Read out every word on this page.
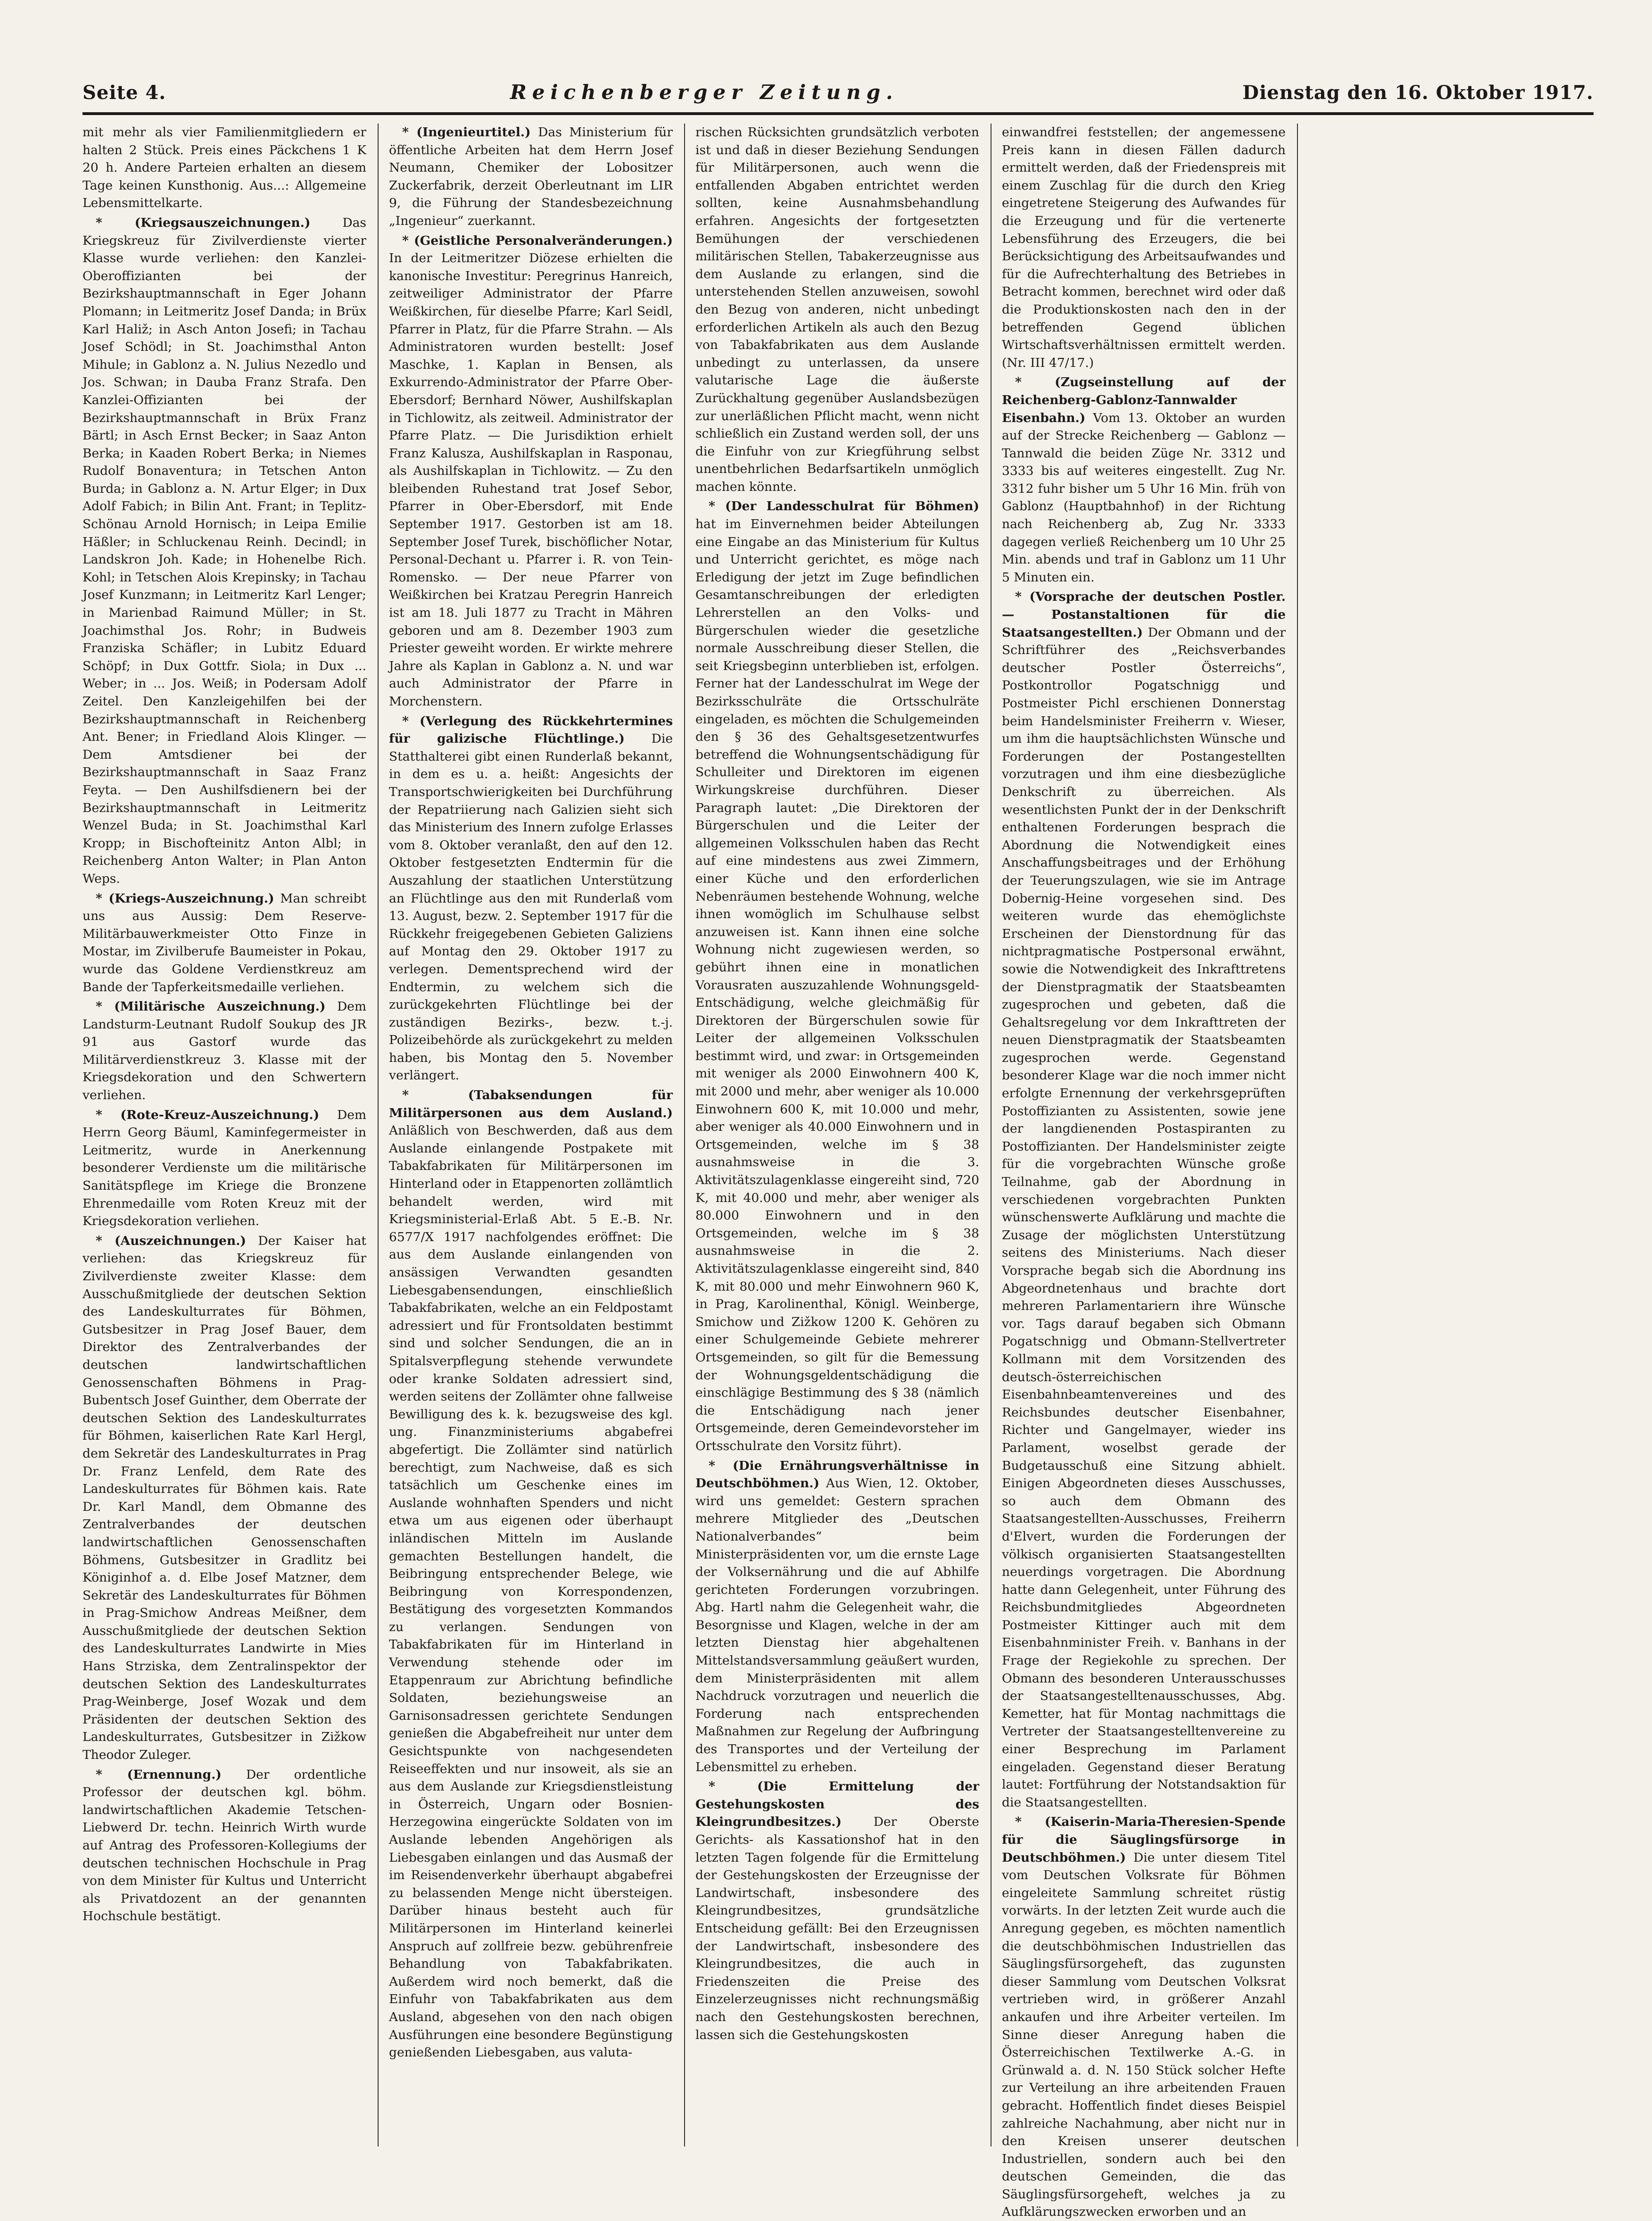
Seite 4.	Reichenberger Zeitung.	Dienstag den 16. Oktober 1917.

mit mehr als vier Familienmitgliedern er halten 2 Stück. Preis eines Päckchens 1 K 20 h. Andere Parteien erhalten an diesem Tage keinen Kunsthonig. Aus...: Allgemeine Lebensmittelkarte.

* (Kriegsauszeichnungen.) Das Kriegskreuz für Zivilverdienste vierter Klasse wurde verliehen: den Kanzlei-Oberoffizianten bei der Bezirkshauptmannschaft in Eger Johann Plomann; in Leitmeritz Josef Danda; in Brüx Karl Haliž; in Asch Anton Josefi; in Tachau Josef Schödl; in St. Joachimsthal Anton Mihule; in Gablonz a. N. Julius Nezedlo und Jos. Schwan; in Dauba Franz Strafa. Den Kanzlei-Offizianten bei der Bezirkshauptmannschaft in Brüx Franz Bärtl; in Asch Ernst Becker; in Saaz Anton Berka; in Kaaden Robert Berka; in Niemes Rudolf Bonaventura; in Tetschen Anton Burda; in Gablonz a. N. Artur Elger; in Dux Adolf Fabich; in Bilin Ant. Frant; in Teplitz-Schönau Arnold Hornisch; in Leipa Emilie Häßler; in Schluckenau Reinh. Decindl; in Landskron Joh. Kade; in Hohenelbe Rich. Kohl; in Tetschen Alois Krepinsky; in Tachau Josef Kunzmann; in Leitmeritz Karl Lenger; in Marienbad Raimund Müller; in St. Joachimsthal Jos. Rohr; in Budweis Franziska Schäfler; in Lubitz Eduard Schöpf; in Dux Gottfr. Siola; in Dux ... Weber; in ... Jos. Weiß; in Podersam Adolf Zeitel. Den Kanzleigehilfen bei der Bezirkshauptmannschaft in Reichenberg Ant. Bener; in Friedland Alois Klinger. — Dem Amtsdiener bei der Bezirkshauptmannschaft in Saaz Franz Feyta. — Den Aushilfsdienern bei der Bezirkshauptmannschaft in Leitmeritz Wenzel Buda; in St. Joachimsthal Karl Kropp; in Bischofteinitz Anton Albl; in Reichenberg Anton Walter; in Plan Anton Weps.

* (Kriegs-Auszeichnung.) Man schreibt uns aus Aussig: Dem Reserve-Militärbauwerkmeister Otto Finze in Mostar, im Zivilberufe Baumeister in Pokau, wurde das Goldene Verdienstkreuz am Bande der Tapferkeitsmedaille verliehen.

* (Militärische Auszeichnung.) Dem Landsturm-Leutnant Rudolf Soukup des JR 91 aus Gastorf wurde das Militärverdienstkreuz 3. Klasse mit der Kriegsdekoration und den Schwertern verliehen.

* (Rote-Kreuz-Auszeichnung.) Dem Herrn Georg Bäuml, Kaminfegermeister in Leitmeritz, wurde in Anerkennung besonderer Verdienste um die militärische Sanitätspflege im Kriege die Bronzene Ehrenmedaille vom Roten Kreuz mit der Kriegsdekoration verliehen.

* (Auszeichnungen.) Der Kaiser hat verliehen: das Kriegskreuz für Zivilverdienste zweiter Klasse: dem Ausschußmitgliede der deutschen Sektion des Landeskulturrates für Böhmen, Gutsbesitzer in Prag Josef Bauer, dem Direktor des Zentralverbandes der deutschen landwirtschaftlichen Genossenschaften Böhmens in Prag-Bubentsch Josef Guinther, dem Oberrate der deutschen Sektion des Landeskulturrates für Böhmen, kaiserlichen Rate Karl Hergl, dem Sekretär des Landeskulturrates in Prag Dr. Franz Lenfeld, dem Rate des Landeskulturrates für Böhmen kais. Rate Dr. Karl Mandl, dem Obmanne des Zentralverbandes der deutschen landwirtschaftlichen Genossenschaften Böhmens, Gutsbesitzer in Gradlitz bei Königinhof a. d. Elbe Josef Matzner, dem Sekretär des Landeskulturrates für Böhmen in Prag-Smichow Andreas Meißner, dem Ausschußmitgliede der deutschen Sektion des Landeskulturrates Landwirte in Mies Hans Strziska, dem Zentralinspektor der deutschen Sektion des Landeskulturrates Prag-Weinberge, Josef Wozak und dem Präsidenten der deutschen Sektion des Landeskulturrates, Gutsbesitzer in Zižkow Theodor Zuleger.

* (Ernennung.) Der ordentliche Professor der deutschen kgl. böhm. landwirtschaftlichen Akademie Tetschen-Liebwerd Dr. techn. Heinrich Wirth wurde auf Antrag des Professoren-Kollegiums der deutschen technischen Hochschule in Prag von dem Minister für Kultus und Unterricht als Privatdozent an der genannten Hochschule bestätigt.

* (Ingenieurtitel.) Das Ministerium für öffentliche Arbeiten hat dem Herrn Josef Neumann, Chemiker der Lobositzer Zuckerfabrik, derzeit Oberleutnant im LIR 9, die Führung der Standesbezeichnung „Ingenieur“ zuerkannt.

* (Geistliche Personalveränderungen.) In der Leitmeritzer Diözese erhielten die kanonische Investitur: Peregrinus Hanreich, zeitweiliger Administrator der Pfarre Weißkirchen, für dieselbe Pfarre; Karl Seidl, Pfarrer in Platz, für die Pfarre Strahn. — Als Administratoren wurden bestellt: Josef Maschke, 1. Kaplan in Bensen, als Exkurrendo-Administrator der Pfarre Ober-Ebersdorf; Bernhard Nöwer, Aushilfskaplan in Tichlowitz, als zeitweil. Administrator der Pfarre Platz. — Die Jurisdiktion erhielt Franz Kalusza, Aushilfskaplan in Rasponau, als Aushilfskaplan in Tichlowitz. — Zu den bleibenden Ruhestand trat Josef Sebor, Pfarrer in Ober-Ebersdorf, mit Ende September 1917. Gestorben ist am 18. September Josef Turek, bischöflicher Notar, Personal-Dechant u. Pfarrer i. R. von Tein-Romensko. — Der neue Pfarrer von Weißkirchen bei Kratzau Peregrin Hanreich ist am 18. Juli 1877 zu Tracht in Mähren geboren und am 8. Dezember 1903 zum Priester geweiht worden. Er wirkte mehrere Jahre als Kaplan in Gablonz a. N. und war auch Administrator der Pfarre in Morchenstern.

* (Verlegung des Rückkehrtermines für galizische Flüchtlinge.) Die Statthalterei gibt einen Runderlaß bekannt, in dem es u. a. heißt: Angesichts der Transportschwierigkeiten bei Durchführung der Repatriierung nach Galizien sieht sich das Ministerium des Innern zufolge Erlasses vom 8. Oktober veranlaßt, den auf den 12. Oktober festgesetzten Endtermin für die Auszahlung der staatlichen Unterstützung an Flüchtlinge aus den mit Runderlaß vom 13. August, bezw. 2. September 1917 für die Rückkehr freigegebenen Gebieten Galiziens auf Montag den 29. Oktober 1917 zu verlegen. Dementsprechend wird der Endtermin, zu welchem sich die zurückgekehrten Flüchtlinge bei der zuständigen Bezirks-, bezw. t.-j. Polizeibehörde als zurückgekehrt zu melden haben, bis Montag den 5. November verlängert.

* (Tabaksendungen für Militärpersonen aus dem Ausland.) Anläßlich von Beschwerden, daß aus dem Auslande einlangende Postpakete mit Tabakfabrikaten für Militärpersonen im Hinterland oder in Etappenorten zollämtlich behandelt werden, wird mit Kriegsministerial-Erlaß Abt. 5 E.-B. Nr. 6577/X 1917 nachfolgendes eröffnet: Die aus dem Auslande einlangenden von ansässigen Verwandten gesandten Liebesgabensendungen, einschließlich Tabakfabrikaten, welche an ein Feldpostamt adressiert und für Frontsoldaten bestimmt sind und solcher Sendungen, die an in Spitalsverpflegung stehende verwundete oder kranke Soldaten adressiert sind, werden seitens der Zollämter ohne fallweise Bewilligung des k. k. bezugsweise des kgl. ung. Finanzministeriums abgabefrei abgefertigt. Die Zollämter sind natürlich berechtigt, zum Nachweise, daß es sich tatsächlich um Geschenke eines im Auslande wohnhaften Spenders und nicht etwa um aus eigenen oder überhaupt inländischen Mitteln im Auslande gemachten Bestellungen handelt, die Beibringung entsprechender Belege, wie Beibringung von Korrespondenzen, Bestätigung des vorgesetzten Kommandos zu verlangen. Sendungen von Tabakfabrikaten für im Hinterland in Verwendung stehende oder im Etappenraum zur Abrichtung befindliche Soldaten, beziehungsweise an Garnisonsadressen gerichtete Sendungen genießen die Abgabefreiheit nur unter dem Gesichtspunkte von nachgesendeten Reiseeffekten und nur insoweit, als sie an aus dem Auslande zur Kriegsdienstleistung in Österreich, Ungarn oder Bosnien-Herzegowina eingerückte Soldaten von im Auslande lebenden Angehörigen als Liebesgaben einlangen und das Ausmaß der im Reisendenverkehr überhaupt abgabefrei zu belassenden Menge nicht übersteigen. Darüber hinaus besteht auch für Militärpersonen im Hinterland keinerlei Anspruch auf zollfreie bezw. gebührenfreie Behandlung von Tabakfabrikaten. Außerdem wird noch bemerkt, daß die Einfuhr von Tabakfabrikaten aus dem Ausland, abgesehen von den nach obigen Ausführungen eine besondere Begünstigung genießenden Liebesgaben, aus valuta-

rischen Rücksichten grundsätzlich verboten ist und daß in dieser Beziehung Sendungen für Militärpersonen, auch wenn die entfallenden Abgaben entrichtet werden sollten, keine Ausnahmsbehandlung erfahren. Angesichts der fortgesetzten Bemühungen der verschiedenen militärischen Stellen, Tabakerzeugnisse aus dem Auslande zu erlangen, sind die unterstehenden Stellen anzuweisen, sowohl den Bezug von anderen, nicht unbedingt erforderlichen Artikeln als auch den Bezug von Tabakfabrikaten aus dem Auslande unbedingt zu unterlassen, da unsere valutarische Lage die äußerste Zurückhaltung gegenüber Auslandsbezügen zur unerläßlichen Pflicht macht, wenn nicht schließlich ein Zustand werden soll, der uns die Einfuhr von zur Kriegführung selbst unentbehrlichen Bedarfsartikeln unmöglich machen könnte.

* (Der Landesschulrat für Böhmen) hat im Einvernehmen beider Abteilungen eine Eingabe an das Ministerium für Kultus und Unterricht gerichtet, es möge nach Erledigung der jetzt im Zuge befindlichen Gesamtanschreibungen der erledigten Lehrerstellen an den Volks- und Bürgerschulen wieder die gesetzliche normale Ausschreibung dieser Stellen, die seit Kriegsbeginn unterblieben ist, erfolgen. Ferner hat der Landesschulrat im Wege der Bezirksschulräte die Ortsschulräte eingeladen, es möchten die Schulgemeinden den § 36 des Gehaltsgesetzentwurfes betreffend die Wohnungsentschädigung für Schulleiter und Direktoren im eigenen Wirkungskreise durchführen. Dieser Paragraph lautet: „Die Direktoren der Bürgerschulen und die Leiter der allgemeinen Volksschulen haben das Recht auf eine mindestens aus zwei Zimmern, einer Küche und den erforderlichen Nebenräumen bestehende Wohnung, welche ihnen womöglich im Schulhause selbst anzuweisen ist. Kann ihnen eine solche Wohnung nicht zugewiesen werden, so gebührt ihnen eine in monatlichen Vorausraten auszuzahlende Wohnungsgeld-Entschädigung, welche gleichmäßig für Direktoren der Bürgerschulen sowie für Leiter der allgemeinen Volksschulen bestimmt wird, und zwar: in Ortsgemeinden mit weniger als 2000 Einwohnern 400 K, mit 2000 und mehr, aber weniger als 10.000 Einwohnern 600 K, mit 10.000 und mehr, aber weniger als 40.000 Einwohnern und in Ortsgemeinden, welche im § 38 ausnahmsweise in die 3. Aktivitätszulagenklasse eingereiht sind, 720 K, mit 40.000 und mehr, aber weniger als 80.000 Einwohnern und in den Ortsgemeinden, welche im § 38 ausnahmsweise in die 2. Aktivitätszulagenklasse eingereiht sind, 840 K, mit 80.000 und mehr Einwohnern 960 K, in Prag, Karolinenthal, Königl. Weinberge, Smichow und Zižkow 1200 K. Gehören zu einer Schulgemeinde Gebiete mehrerer Ortsgemeinden, so gilt für die Bemessung der Wohnungsgeldentschädigung die einschlägige Bestimmung des § 38 (nämlich die Entschädigung nach jener Ortsgemeinde, deren Gemeindevorsteher im Ortsschulrate den Vorsitz führt).

* (Die Ernährungsverhältnisse in Deutschböhmen.) Aus Wien, 12. Oktober, wird uns gemeldet: Gestern sprachen mehrere Mitglieder des „Deutschen Nationalverbandes“ beim Ministerpräsidenten vor, um die ernste Lage der Volksernährung und die auf Abhilfe gerichteten Forderungen vorzubringen. Abg. Hartl nahm die Gelegenheit wahr, die Besorgnisse und Klagen, welche in der am letzten Dienstag hier abgehaltenen Mittelstandsversammlung geäußert wurden, dem Ministerpräsidenten mit allem Nachdruck vorzutragen und neuerlich die Forderung nach entsprechenden Maßnahmen zur Regelung der Aufbringung des Transportes und der Verteilung der Lebensmittel zu erheben.

* (Die Ermittelung der Gestehungskosten des Kleingrundbesitzes.) Der Oberste Gerichts- als Kassationshof hat in den letzten Tagen folgende für die Ermittelung der Gestehungskosten der Erzeugnisse der Landwirtschaft, insbesondere des Kleingrundbesitzes, grundsätzliche Entscheidung gefällt: Bei den Erzeugnissen der Landwirtschaft, insbesondere des Kleingrundbesitzes, die auch in Friedenszeiten die Preise des Einzelerzeugnisses nicht rechnungsmäßig nach den Gestehungskosten berechnen, lassen sich die Gestehungskosten

einwandfrei feststellen; der angemessene Preis kann in diesen Fällen dadurch ermittelt werden, daß der Friedenspreis mit einem Zuschlag für die durch den Krieg eingetretene Steigerung des Aufwandes für die Erzeugung und für die vertenerte Lebensführung des Erzeugers, die bei Berücksichtigung des Arbeitsaufwandes und für die Aufrechterhaltung des Betriebes in Betracht kommen, berechnet wird oder daß die Produktionskosten nach den in der betreffenden Gegend üblichen Wirtschaftsverhältnissen ermittelt werden. (Nr. III 47/17.)

* (Zugseinstellung auf der Reichenberg-Gablonz-Tannwalder Eisenbahn.) Vom 13. Oktober an wurden auf der Strecke Reichenberg — Gablonz — Tannwald die beiden Züge Nr. 3312 und 3333 bis auf weiteres eingestellt. Zug Nr. 3312 fuhr bisher um 5 Uhr 16 Min. früh von Gablonz (Hauptbahnhof) in der Richtung nach Reichenberg ab, Zug Nr. 3333 dagegen verließ Reichenberg um 10 Uhr 25 Min. abends und traf in Gablonz um 11 Uhr 5 Minuten ein.

* (Vorsprache der deutschen Postler. — Postanstaltionen für die Staatsangestellten.) Der Obmann und der Schriftführer des „Reichsverbandes deutscher Postler Österreichs“, Postkontrollor Pogatschnigg und Postmeister Pichl erschienen Donnerstag beim Handelsminister Freiherrn v. Wieser, um ihm die hauptsächlichsten Wünsche und Forderungen der Postangestellten vorzutragen und ihm eine diesbezügliche Denkschrift zu überreichen. Als wesentlichsten Punkt der in der Denkschrift enthaltenen Forderungen besprach die Abordnung die Notwendigkeit eines Anschaffungsbeitrages und der Erhöhung der Teuerungszulagen, wie sie im Antrage Dobernig-Heine vorgesehen sind. Des weiteren wurde das ehemöglichste Erscheinen der Dienstordnung für das nichtpragmatische Postpersonal erwähnt, sowie die Notwendigkeit des Inkrafttretens der Dienstpragmatik der Staatsbeamten zugesprochen und gebeten, daß die Gehaltsregelung vor dem Inkrafttreten der neuen Dienstpragmatik der Staatsbeamten zugesprochen werde. Gegenstand besonderer Klage war die noch immer nicht erfolgte Ernennung der verkehrsgeprüften Postoffizianten zu Assistenten, sowie jene der langdienenden Postaspiranten zu Postoffizianten. Der Handelsminister zeigte für die vorgebrachten Wünsche große Teilnahme, gab der Abordnung in verschiedenen vorgebrachten Punkten wünschenswerte Aufklärung und machte die Zusage der möglichsten Unterstützung seitens des Ministeriums. Nach dieser Vorsprache begab sich die Abordnung ins Abgeordnetenhaus und brachte dort mehreren Parlamentariern ihre Wünsche vor. Tags darauf begaben sich Obmann Pogatschnigg und Obmann-Stellvertreter Kollmann mit dem Vorsitzenden des deutsch-österreichischen Eisenbahnbeamtenvereines und des Reichsbundes deutscher Eisenbahner, Richter und Gangelmayer, wieder ins Parlament, woselbst gerade der Budgetausschuß eine Sitzung abhielt. Einigen Abgeordneten dieses Ausschusses, so auch dem Obmann des Staatsangestellten-Ausschusses, Freiherrn d'Elvert, wurden die Forderungen der völkisch organisierten Staatsangestellten neuerdings vorgetragen. Die Abordnung hatte dann Gelegenheit, unter Führung des Reichsbundmitgliedes Abgeordneten Postmeister Kittinger auch mit dem Eisenbahnminister Freih. v. Banhans in der Frage der Regiekohle zu sprechen. Der Obmann des besonderen Unterausschusses der Staatsangestelltenausschusses, Abg. Kemetter, hat für Montag nachmittags die Vertreter der Staatsangestelltenvereine zu einer Besprechung im Parlament eingeladen. Gegenstand dieser Beratung lautet: Fortführung der Notstandsaktion für die Staatsangestellten.

* (Kaiserin-Maria-Theresien-Spende für die Säuglingsfürsorge in Deutschböhmen.) Die unter diesem Titel vom Deutschen Volksrate für Böhmen eingeleitete Sammlung schreitet rüstig vorwärts. In der letzten Zeit wurde auch die Anregung gegeben, es möchten namentlich die deutschböhmischen Industriellen das Säuglingsfürsorgeheft, das zugunsten dieser Sammlung vom Deutschen Volksrat vertrieben wird, in größerer Anzahl ankaufen und ihre Arbeiter verteilen. Im Sinne dieser Anregung haben die Österreichischen Textilwerke A.-G. in Grünwald a. d. N. 150 Stück solcher Hefte zur Verteilung an ihre arbeitenden Frauen gebracht. Hoffentlich findet dieses Beispiel zahlreiche Nachahmung, aber nicht nur in den Kreisen unserer deutschen Industriellen, sondern auch bei den deutschen Gemeinden, die das Säuglingsfürsorgeheft, welches ja zu Aufklärungszwecken erworben und an
